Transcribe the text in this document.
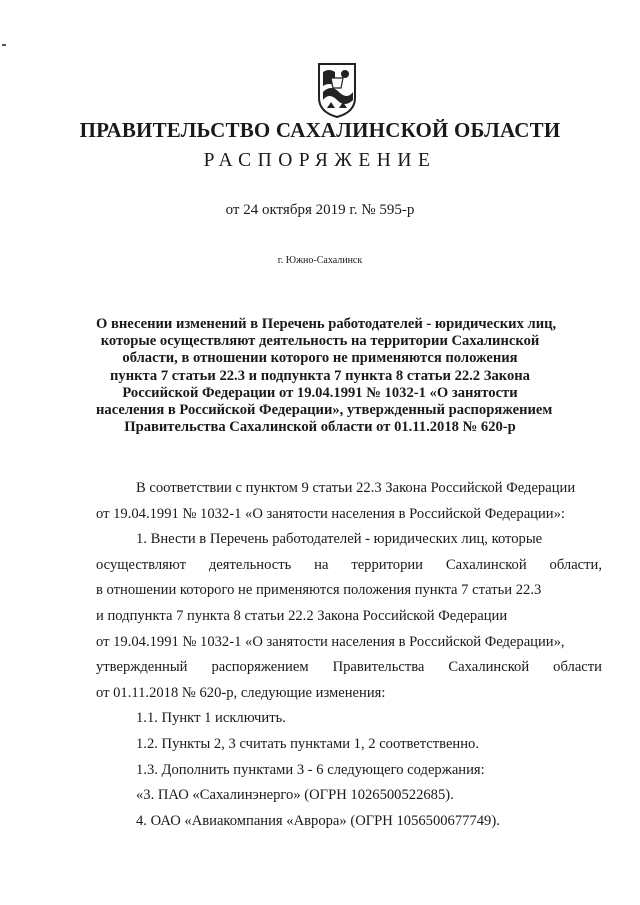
ПРАВИТЕЛЬСТВО САХАЛИНСКОЙ ОБЛАСТИ
РАСПОРЯЖЕНИЕ
от 24 октября 2019 г. № 595-р
г. Южно-Сахалинск
О внесении изменений в Перечень работодателей - юридических лиц,
которые осуществляют деятельность на территории Сахалинской
области, в отношении которого не применяются положения
пункта 7 статьи 22.3 и подпункта 7 пункта 8 статьи 22.2 Закона
Российской Федерации от 19.04.1991 № 1032-1 «О занятости
населения в Российской Федерации», утвержденный распоряжением
Правительства Сахалинской области от 01.11.2018 № 620-р
В соответствии с пунктом 9 статьи 22.3 Закона Российской Федерации
от 19.04.1991 № 1032-1 «О занятости населения в Российской Федерации»:
1. Внести в Перечень работодателей - юридических лиц, которые
осуществляют деятельность на территории Сахалинской области,
в отношении которого не применяются положения пункта 7 статьи 22.3
и подпункта 7 пункта 8 статьи 22.2 Закона Российской Федерации
от 19.04.1991 № 1032-1 «О занятости населения в Российской Федерации»,
утвержденный распоряжением Правительства Сахалинской области
от 01.11.2018 № 620-р, следующие изменения:
1.1. Пункт 1 исключить.
1.2. Пункты 2, 3 считать пунктами 1, 2 соответственно.
1.3. Дополнить пунктами 3 - 6 следующего содержания:
«3. ПАО «Сахалинэнерго» (ОГРН 1026500522685).
4. ОАО «Авиакомпания «Аврора» (ОГРН 1056500677749).
